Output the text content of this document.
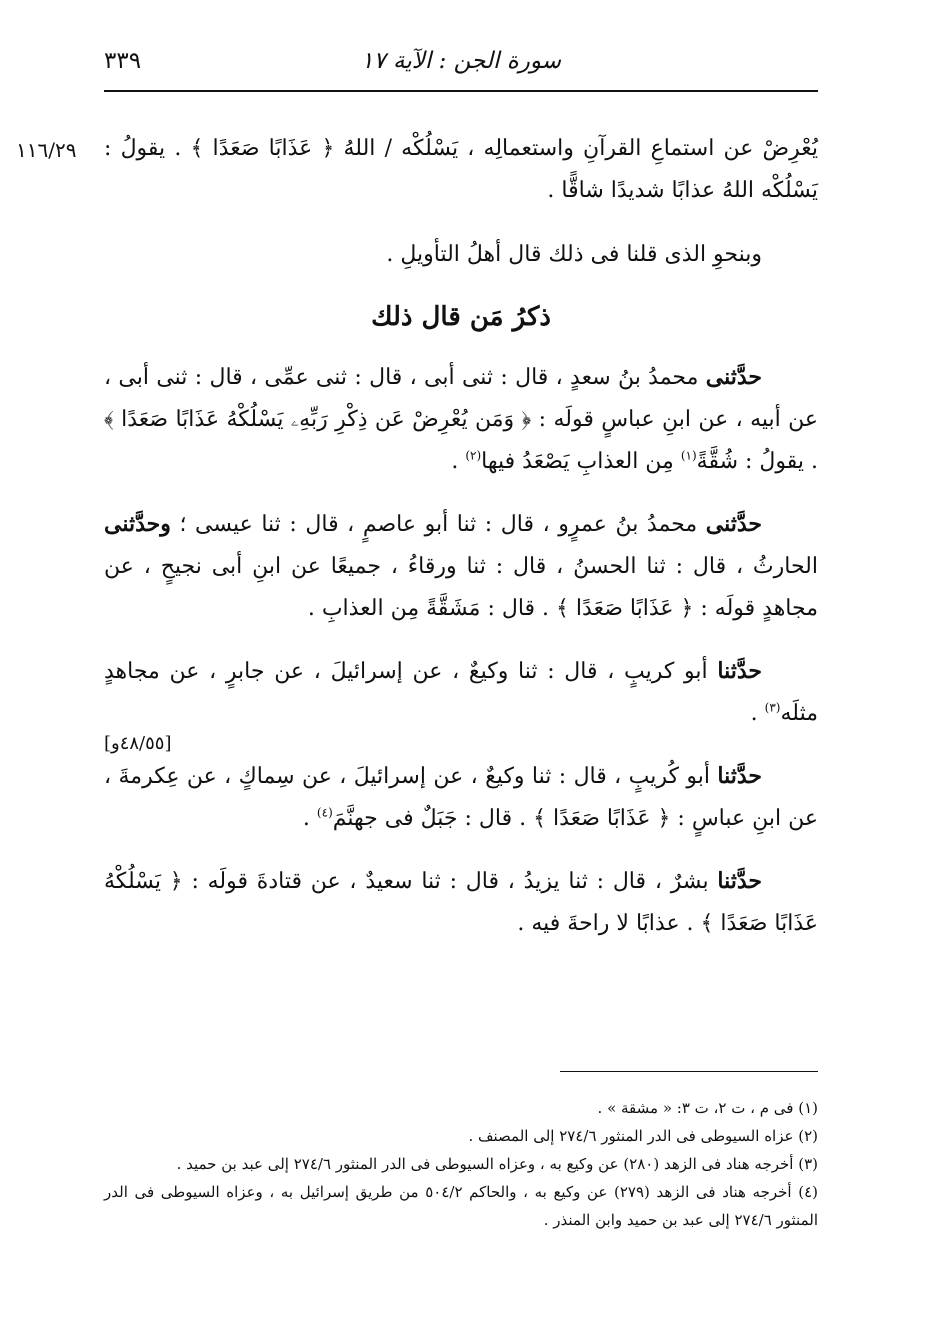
٣٣٩	سورة الجن : الآية ١٧
١١٦/٢٩
[٤٨/٥٥و]

يُعْرِضْ عن استماعِ القرآنِ واستعمالِه ، يَسْلُكْه / اللهُ ﴿ عَذَابًا صَعَدًا ﴾ . يقولُ : يَسْلُكْه اللهُ عذابًا شديدًا شاقًّا .

وبنحوِ الذى قلنا فى ذلك قال أهلُ التأويلِ .

ذكرُ مَن قال ذلك

حدَّثنى محمدُ بنُ سعدٍ ، قال : ثنى أبى ، قال : ثنى عمِّى ، قال : ثنى أبى ، عن أبيه ، عن ابنِ عباسٍ قولَه : ﴿ وَمَن يُعْرِضْ عَن ذِكْرِ رَبِّهِۦ يَسْلُكْهُ عَذَابًا صَعَدًا ﴾ . يقولُ : شُقَّةً$^{(١)}$ مِن العذابِ يَصْعَدُ فيها$^{(٢)}$ .

حدَّثنى محمدُ بنُ عمرٍو ، قال : ثنا أبو عاصمٍ ، قال : ثنا عيسى ؛ وحدَّثنى الحارثُ ، قال : ثنا الحسنُ ، قال : ثنا ورقاءُ ، جميعًا عن ابنِ أبى نجيحٍ ، عن مجاهدٍ قولَه : ﴿ عَذَابًا صَعَدًا ﴾ . قال : مَشَقَّةً مِن العذابِ .

حدَّثنا أبو كريبٍ ، قال : ثنا وكيعٌ ، عن إسرائيلَ ، عن جابرٍ ، عن مجاهدٍ مثلَه$^{(٣)}$ .

حدَّثنا أبو كُريبٍ ، قال : ثنا وكيعٌ ، عن إسرائيلَ ، عن سِماكٍ ، عن عِكرمةَ ، عن ابنِ عباسٍ : ﴿ عَذَابًا صَعَدًا ﴾ . قال : جَبَلٌ فى جهنَّمَ$^{(٤)}$ .

حدَّثنا بشرٌ ، قال : ثنا يزيدُ ، قال : ثنا سعيدٌ ، عن قتادةَ قولَه : ﴿ يَسْلُكْهُ عَذَابًا صَعَدًا ﴾ . عذابًا لا راحةَ فيه .

(١) فى م ، ت ٢، ت ٣: « مشقة » .
(٢) عزاه السيوطى فى الدر المنثور ٢٧٤/٦ إلى المصنف .
(٣) أخرجه هناد فى الزهد (٢٨٠) عن وكيع به ، وعزاه السيوطى فى الدر المنثور ٢٧٤/٦ إلى عبد بن حميد .
(٤) أخرجه هناد فى الزهد (٢٧٩) عن وكيع به ، والحاكم ٥٠٤/٢ من طريق إسرائيل به ، وعزاه السيوطى فى الدر المنثور ٢٧٤/٦ إلى عبد بن حميد وابن المنذر .
